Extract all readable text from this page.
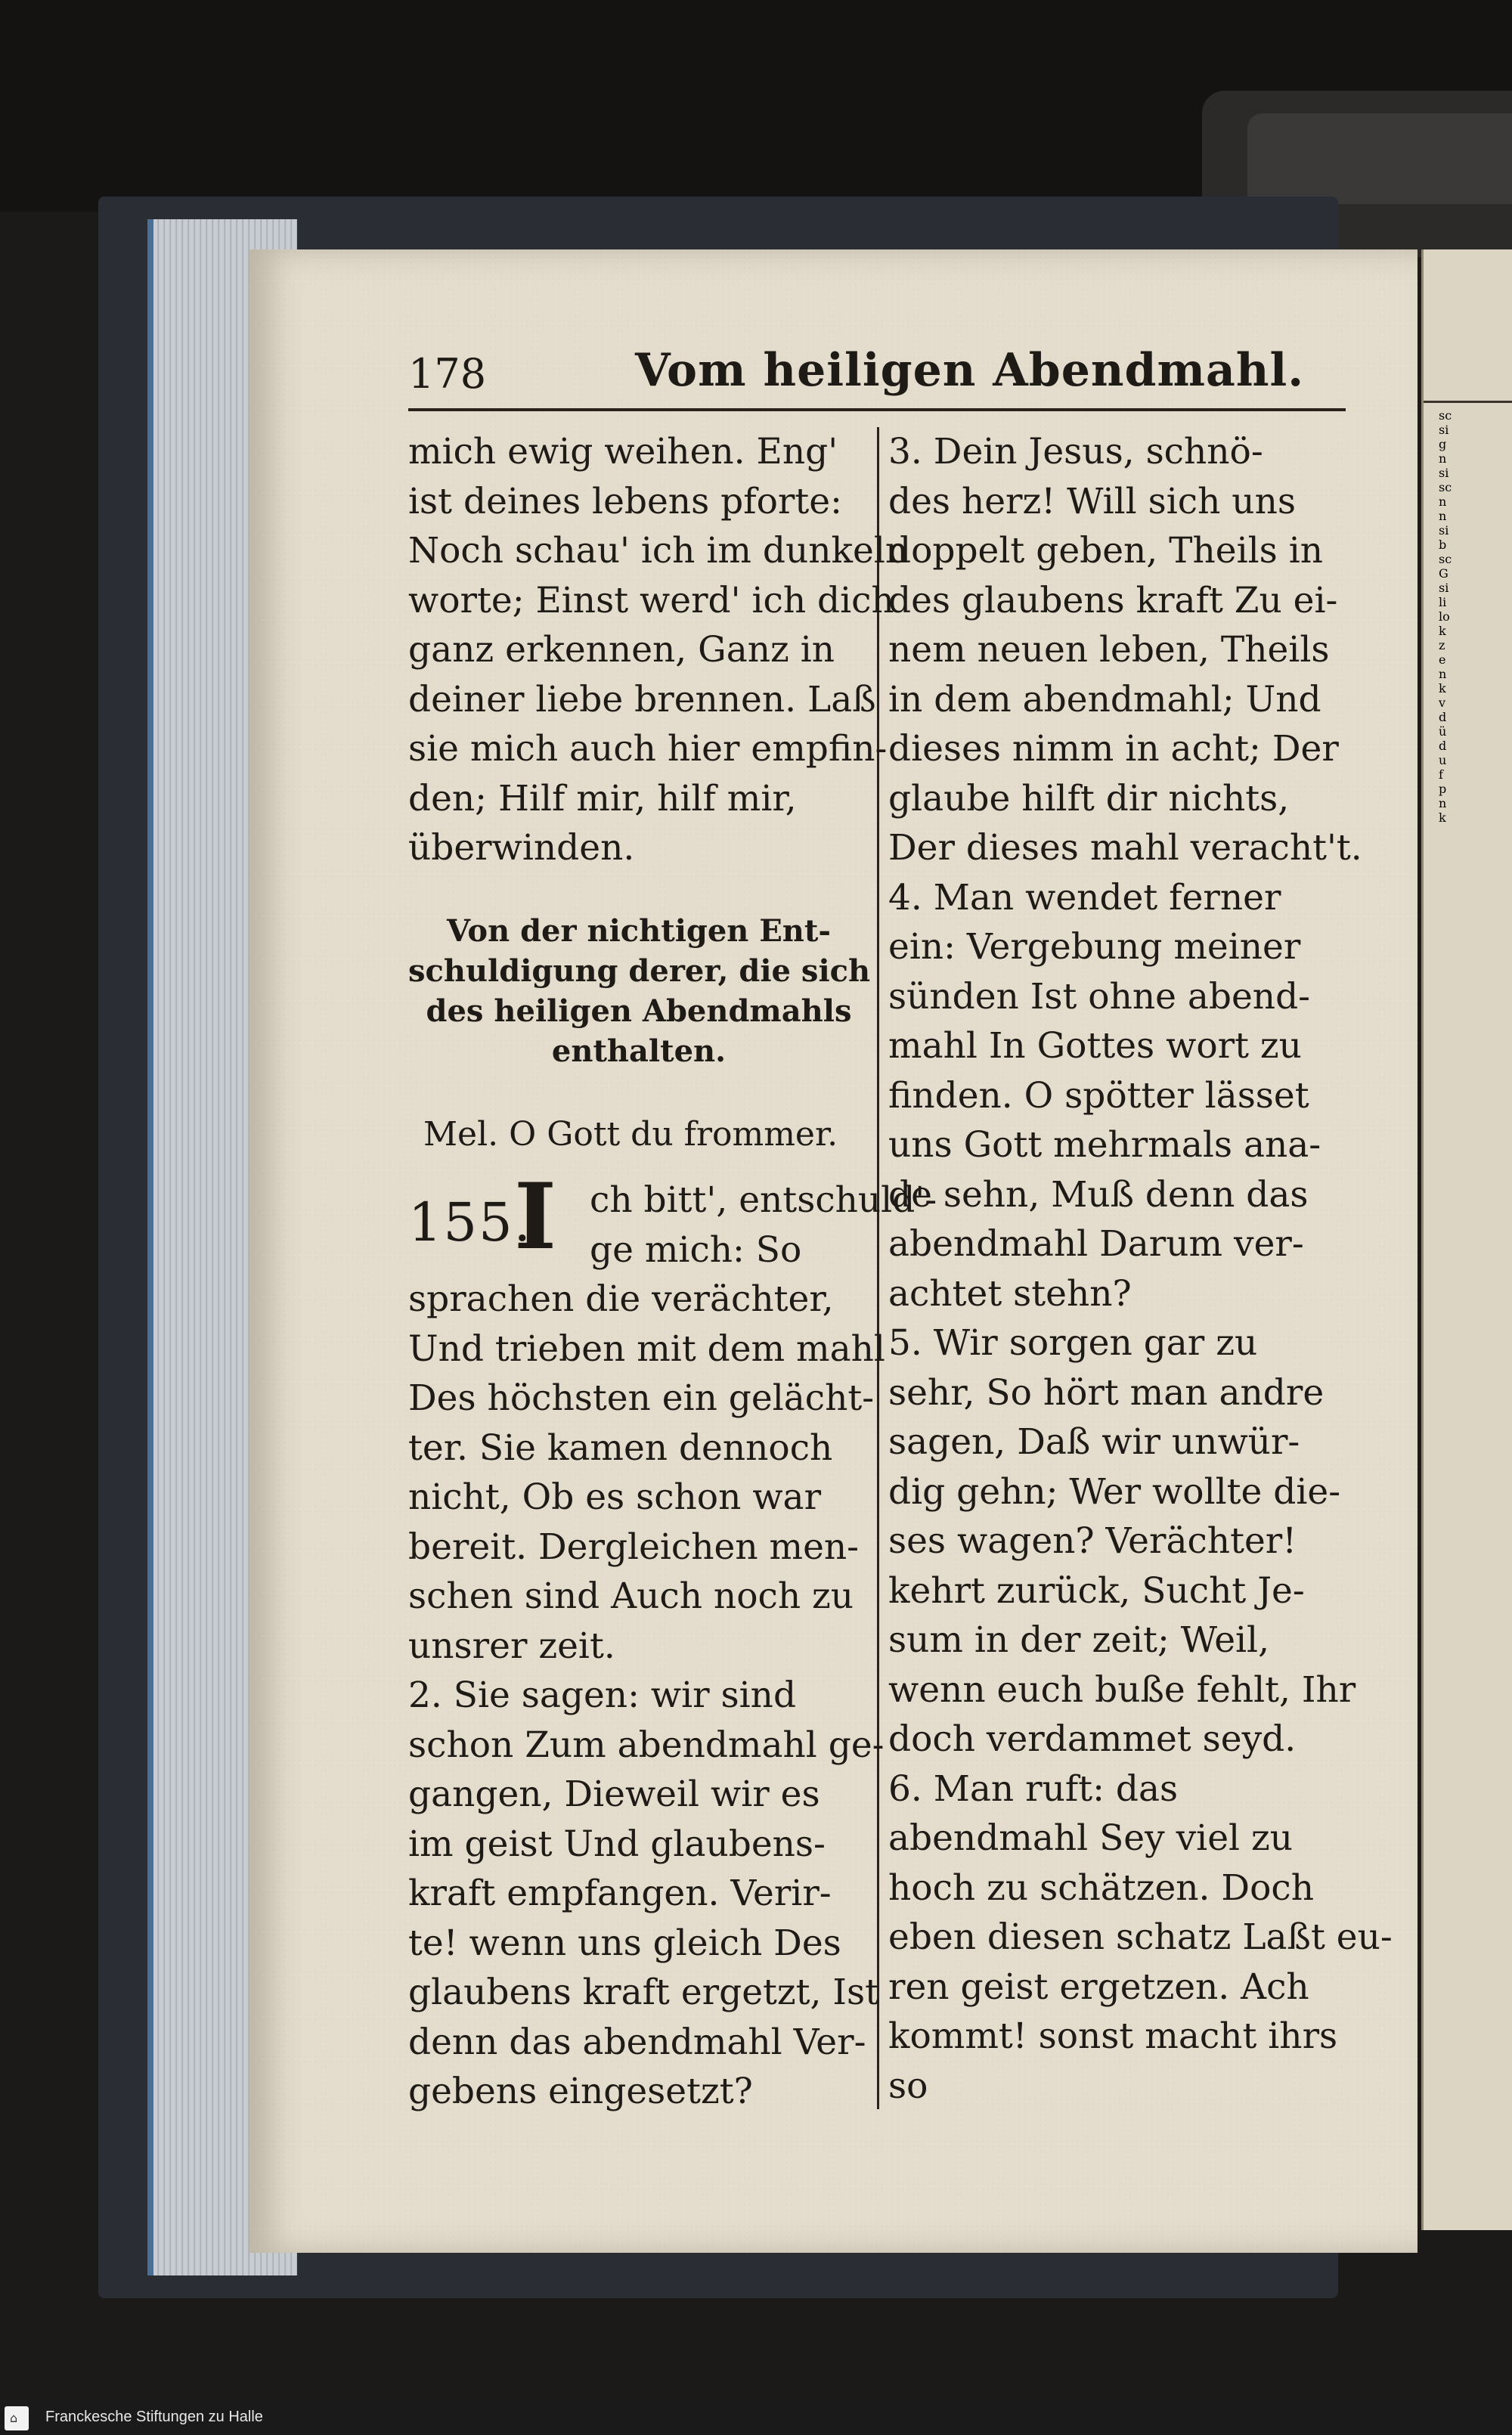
sc
si
g
n
si
sc
n
n
si
b
sc
G
si
li
lo
k
z
e
n
k
v
d
ü
d
u
f
p
n
k
178	Vom heiligen Abendmahl.
mich ewig weihen. Eng'
ist deines lebens pforte:
Noch schau' ich im dunkeln
worte; Einst werd' ich dich
ganz erkennen, Ganz in
deiner liebe brennen. Laß
sie mich auch hier empfin-
den; Hilf mir, hilf mir,
überwinden.
Von der nichtigen Ent-
schuldigung derer, die sich
des heiligen Abendmahls
enthalten.
Mel. O Gott du frommer.
155.
I ch bitt', entschuld'-
ge mich: So
sprachen die verächter,
Und trieben mit dem mahl
Des höchsten ein gelächt-
ter. Sie kamen dennoch
nicht, Ob es schon war
bereit. Dergleichen men-
schen sind Auch noch zu
unsrer zeit.
2. Sie sagen: wir sind
schon Zum abendmahl ge-
gangen, Dieweil wir es
im geist Und glaubens-
kraft empfangen. Verir-
te! wenn uns gleich Des
glaubens kraft ergetzt, Ist
denn das abendmahl Ver-
gebens eingesetzt?
3. Dein Jesus, schnö-
des herz! Will sich uns
doppelt geben, Theils in
des glaubens kraft Zu ei-
nem neuen leben, Theils
in dem abendmahl; Und
dieses nimm in acht; Der
glaube hilft dir nichts,
Der dieses mahl veracht't.
4. Man wendet ferner
ein: Vergebung meiner
sünden Ist ohne abend-
mahl In Gottes wort zu
finden. O spötter lässet
uns Gott mehrmals ana-
de sehn, Muß denn das
abendmahl Darum ver-
achtet stehn?
5. Wir sorgen gar zu
sehr, So hört man andre
sagen, Daß wir unwür-
dig gehn; Wer wollte die-
ses wagen? Verächter!
kehrt zurück, Sucht Je-
sum in der zeit; Weil,
wenn euch buße fehlt, Ihr
doch verdammet seyd.
6. Man ruft: das
abendmahl Sey viel zu
hoch zu schätzen. Doch
eben diesen schatz Laßt eu-
ren geist ergetzen. Ach
kommt! sonst macht ihrs
so
⌂ Franckesche Stiftungen zu Halle
